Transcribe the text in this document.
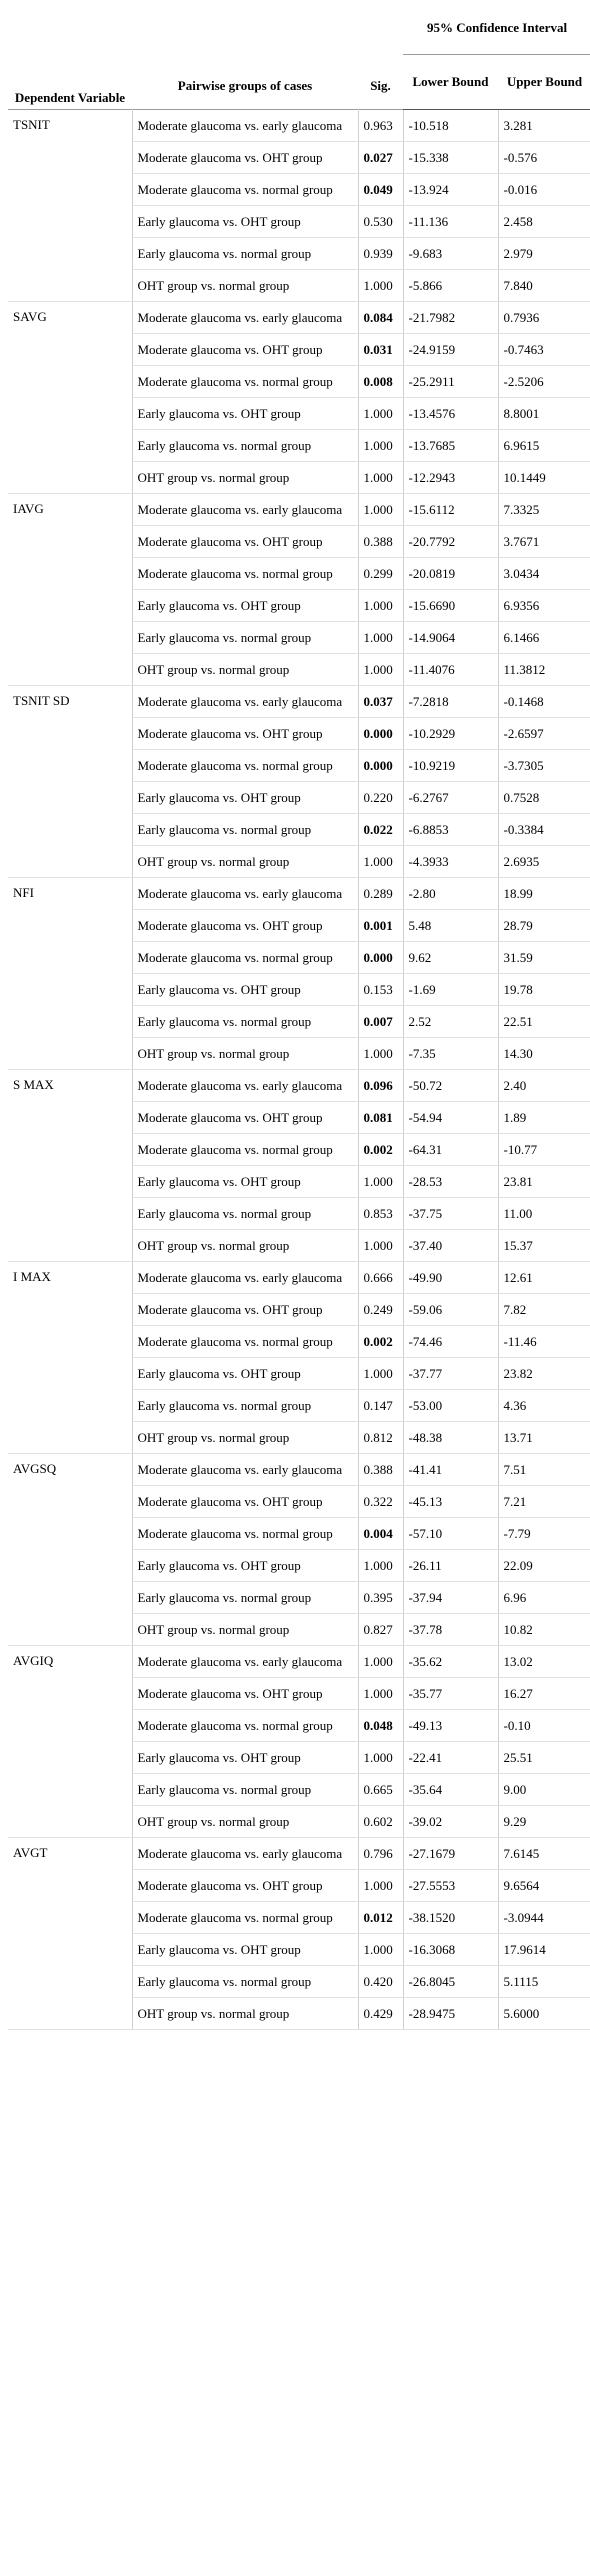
Dependent Variable	Pairwise groups of cases	Sig.	95% Confidence Interval	
			Lower Bound	Upper Bound
TSNIT	Moderate glaucoma vs. early glaucoma	0.963	-10.518	3.281
	Moderate glaucoma vs. OHT group	0.027	-15.338	-0.576
	Moderate glaucoma vs. normal group	0.049	-13.924	-0.016
	Early glaucoma vs. OHT group	0.530	-11.136	2.458
	Early glaucoma vs. normal group	0.939	-9.683	2.979
	OHT group vs. normal group	1.000	-5.866	7.840
SAVG	Moderate glaucoma vs. early glaucoma	0.084	-21.7982	0.7936
	Moderate glaucoma vs. OHT group	0.031	-24.9159	-0.7463
	Moderate glaucoma vs. normal group	0.008	-25.2911	-2.5206
	Early glaucoma vs. OHT group	1.000	-13.4576	8.8001
	Early glaucoma vs. normal group	1.000	-13.7685	6.9615
	OHT group vs. normal group	1.000	-12.2943	10.1449
IAVG	Moderate glaucoma vs. early glaucoma	1.000	-15.6112	7.3325
	Moderate glaucoma vs. OHT group	0.388	-20.7792	3.7671
	Moderate glaucoma vs. normal group	0.299	-20.0819	3.0434
	Early glaucoma vs. OHT group	1.000	-15.6690	6.9356
	Early glaucoma vs. normal group	1.000	-14.9064	6.1466
	OHT group vs. normal group	1.000	-11.4076	11.3812
TSNIT SD	Moderate glaucoma vs. early glaucoma	0.037	-7.2818	-0.1468
	Moderate glaucoma vs. OHT group	0.000	-10.2929	-2.6597
	Moderate glaucoma vs. normal group	0.000	-10.9219	-3.7305
	Early glaucoma vs. OHT group	0.220	-6.2767	0.7528
	Early glaucoma vs. normal group	0.022	-6.8853	-0.3384
	OHT group vs. normal group	1.000	-4.3933	2.6935
NFI	Moderate glaucoma vs. early glaucoma	0.289	-2.80	18.99
	Moderate glaucoma vs. OHT group	0.001	5.48	28.79
	Moderate glaucoma vs. normal group	0.000	9.62	31.59
	Early glaucoma vs. OHT group	0.153	-1.69	19.78
	Early glaucoma vs. normal group	0.007	2.52	22.51
	OHT group vs. normal group	1.000	-7.35	14.30
S MAX	Moderate glaucoma vs. early glaucoma	0.096	-50.72	2.40
	Moderate glaucoma vs. OHT group	0.081	-54.94	1.89
	Moderate glaucoma vs. normal group	0.002	-64.31	-10.77
	Early glaucoma vs. OHT group	1.000	-28.53	23.81
	Early glaucoma vs. normal group	0.853	-37.75	11.00
	OHT group vs. normal group	1.000	-37.40	15.37
I MAX	Moderate glaucoma vs. early glaucoma	0.666	-49.90	12.61
	Moderate glaucoma vs. OHT group	0.249	-59.06	7.82
	Moderate glaucoma vs. normal group	0.002	-74.46	-11.46
	Early glaucoma vs. OHT group	1.000	-37.77	23.82
	Early glaucoma vs. normal group	0.147	-53.00	4.36
	OHT group vs. normal group	0.812	-48.38	13.71
AVGSQ	Moderate glaucoma vs. early glaucoma	0.388	-41.41	7.51
	Moderate glaucoma vs. OHT group	0.322	-45.13	7.21
	Moderate glaucoma vs. normal group	0.004	-57.10	-7.79
	Early glaucoma vs. OHT group	1.000	-26.11	22.09
	Early glaucoma vs. normal group	0.395	-37.94	6.96
	OHT group vs. normal group	0.827	-37.78	10.82
AVGIQ	Moderate glaucoma vs. early glaucoma	1.000	-35.62	13.02
	Moderate glaucoma vs. OHT group	1.000	-35.77	16.27
	Moderate glaucoma vs. normal group	0.048	-49.13	-0.10
	Early glaucoma vs. OHT group	1.000	-22.41	25.51
	Early glaucoma vs. normal group	0.665	-35.64	9.00
	OHT group vs. normal group	0.602	-39.02	9.29
AVGT	Moderate glaucoma vs. early glaucoma	0.796	-27.1679	7.6145
	Moderate glaucoma vs. OHT group	1.000	-27.5553	9.6564
	Moderate glaucoma vs. normal group	0.012	-38.1520	-3.0944
	Early glaucoma vs. OHT group	1.000	-16.3068	17.9614
	Early glaucoma vs. normal group	0.420	-26.8045	5.1115
	OHT group vs. normal group	0.429	-28.9475	5.6000
